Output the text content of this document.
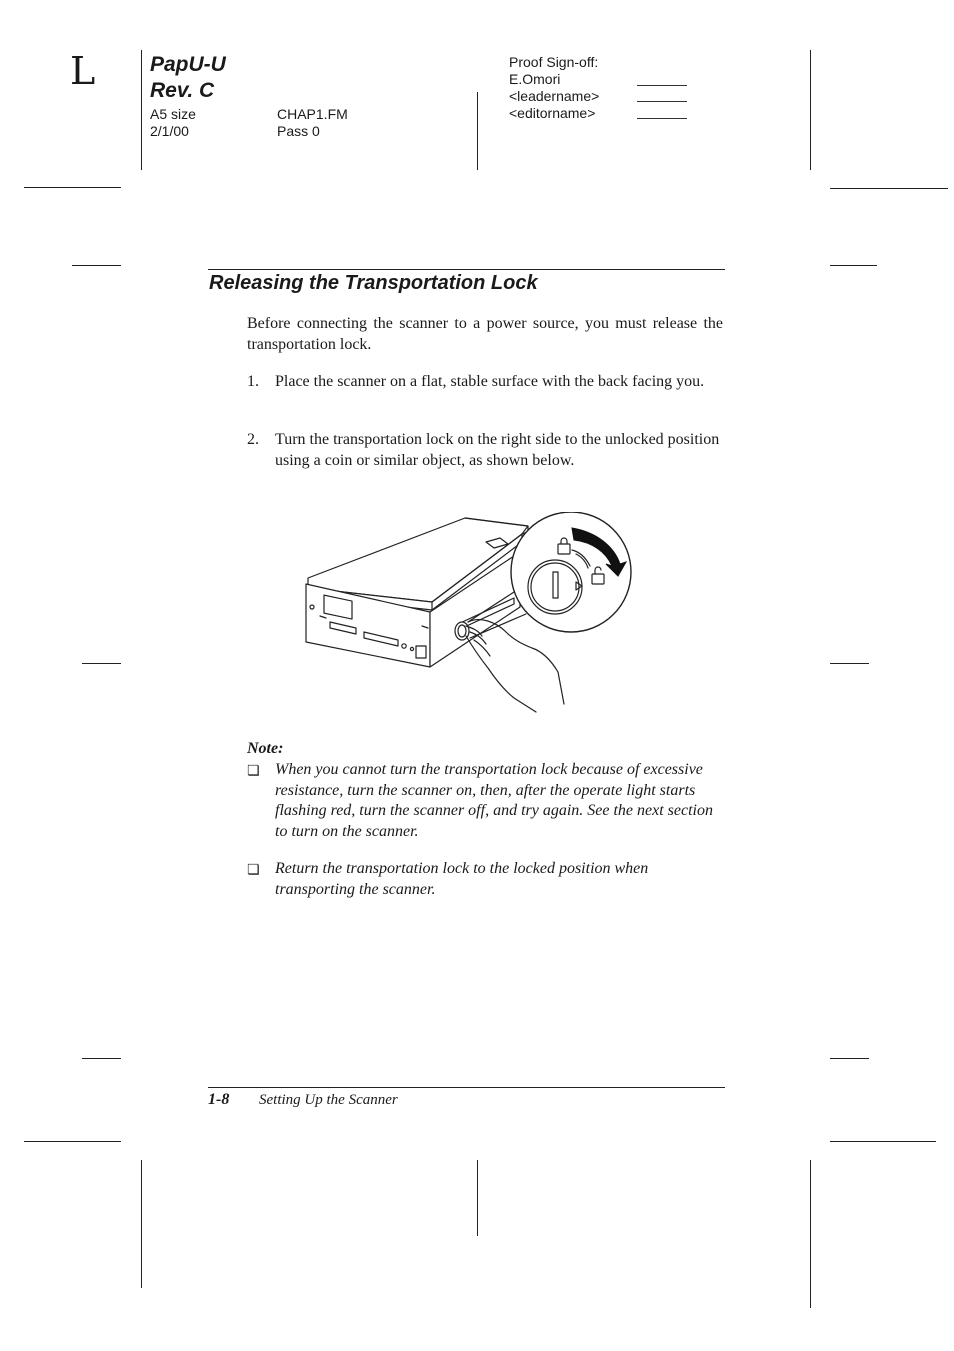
L	PapU-U
Rev. C
A5 size
2/1/00
CHAP1.FM
Pass 0
Proof Sign-off:
E.Omori
<leadername>
<editorname>
Releasing the Transportation Lock
Before connecting the scanner to a power source, you must release the transportation lock.
1. Place the scanner on a flat, stable surface with the back facing you.
2. Turn the transportation lock on the right side to the unlocked position using a coin or similar object, as shown below.
Note:
❏ When you cannot turn the transportation lock because of excessive resistance, turn the scanner on, then, after the operate light starts flashing red, turn the scanner off, and try again. See the next section to turn on the scanner.
❏ Return the transportation lock to the locked position when transporting the scanner.
1-8 Setting Up the Scanner
